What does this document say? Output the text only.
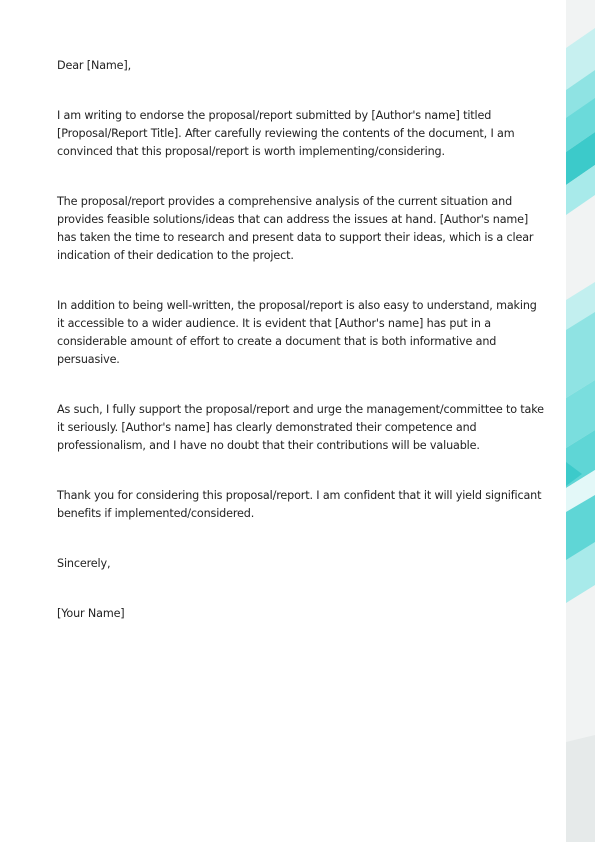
Dear [Name],

I am writing to endorse the proposal/report submitted by [Author's name] titled [Proposal/Report Title]. After carefully reviewing the contents of the document, I am convinced that this proposal/report is worth implementing/considering.

The proposal/report provides a comprehensive analysis of the current situation and provides feasible solutions/ideas that can address the issues at hand. [Author's name] has taken the time to research and present data to support their ideas, which is a clear indication of their dedication to the project.

In addition to being well-written, the proposal/report is also easy to understand, making it accessible to a wider audience. It is evident that [Author's name] has put in a considerable amount of effort to create a document that is both informative and persuasive.

As such, I fully support the proposal/report and urge the management/committee to take it seriously. [Author's name] has clearly demonstrated their competence and professionalism, and I have no doubt that their contributions will be valuable.

Thank you for considering this proposal/report. I am confident that it will yield significant benefits if implemented/considered.

Sincerely,

[Your Name]
